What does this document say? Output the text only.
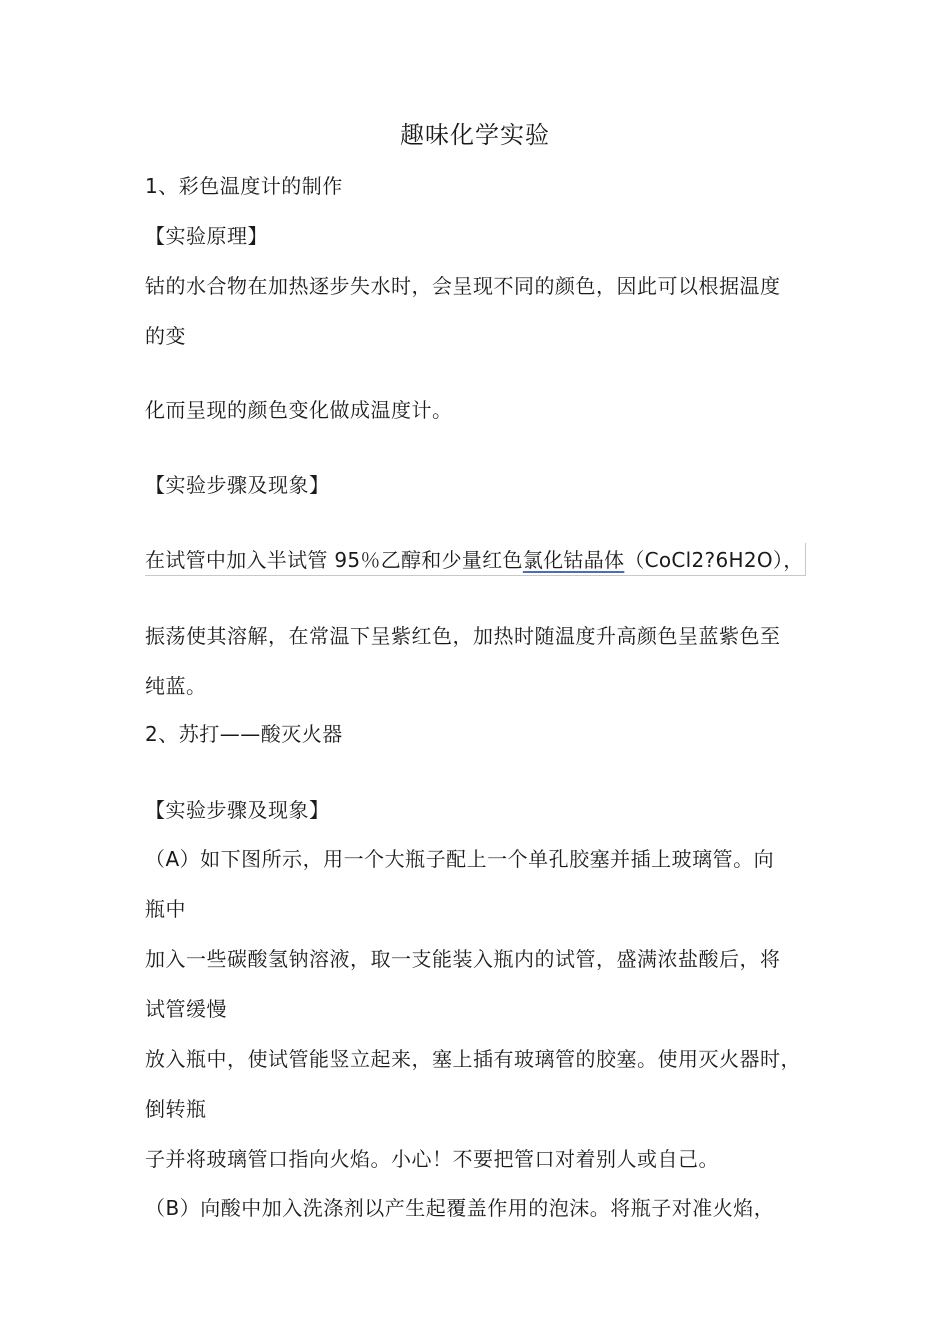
趣味化学实验
1、彩色温度计的制作
【实验原理】
钴的水合物在加热逐步失水时，会呈现不同的颜色，因此可以根据温度
的变
化而呈现的颜色变化做成温度计。
【实验步骤及现象】
在试管中加入半试管 95％乙醇和少量红色氯化钴晶体（CoCl2?6H2O），
振荡使其溶解，在常温下呈紫红色，加热时随温度升高颜色呈蓝紫色至
纯蓝。
2、苏打——酸灭火器
【实验步骤及现象】
（A）如下图所示，用一个大瓶子配上一个单孔胶塞并插上玻璃管。向
瓶中
加入一些碳酸氢钠溶液，取一支能装入瓶内的试管，盛满浓盐酸后，将
试管缓慢
放入瓶中，使试管能竖立起来，塞上插有玻璃管的胶塞。使用灭火器时，
倒转瓶
子并将玻璃管口指向火焰。小心！不要把管口对着别人或自己。
（B）向酸中加入洗涤剂以产生起覆盖作用的泡沫。将瓶子对准火焰，
